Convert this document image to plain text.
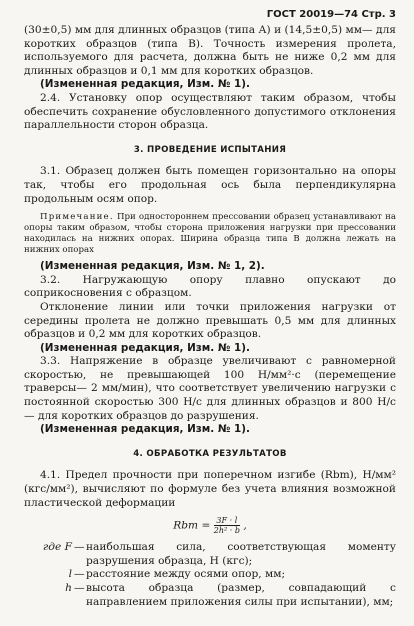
ГОСТ 20019—74 Стр. 3

(30±0,5) мм для длинных образцов (типа А) и (14,5±0,5) мм— для коротких образцов (типа В). Точность измерения пролета, используемого для расчета, должна быть не ниже 0,2 мм для длинных образцов и 0,1 мм для коротких образцов.

(Измененная редакция, Изм. № 1).

2.4. Установку опор осуществляют таким образом, чтобы обеспечить сохранение обусловленного допустимого отклонения параллельности сторон образца.

3. ПРОВЕДЕНИЕ ИСПЫТАНИЯ

3.1. Образец должен быть помещен горизонтально на опоры так, чтобы его продольная ось была перпендикулярна продольным осям опор.

Примечание. При одностороннем прессовании образец устанавливают на опоры таким образом, чтобы сторона приложения нагрузки при прессовании находилась на нижних опорах. Ширина образца типа В должна лежать на нижних опорах

(Измененная редакция, Изм. № 1, 2).

3.2. Нагружающую опору плавно опускают до соприкосновения с образцом.

Отклонение линии или точки приложения нагрузки от середины пролета не должно превышать 0,5 мм для длинных образцов и 0,2 мм для коротких образцов.

(Измененная редакция, Изм. № 1).

3.3. Напряжение в образце увеличивают с равномерной скоростью, не превышающей 100 Н/мм²·с (перемещение траверсы— 2 мм/мин), что соответствует увеличению нагрузки с постоянной скоростью 300 Н/с для длинных образцов и 800 Н/с — для коротких образцов до разрушения.

(Измененная редакция, Изм. № 1).

4. ОБРАБОТКА РЕЗУЛЬТАТОВ

4.1. Предел прочности при поперечном изгибе (Rbm), Н/мм² (кгс/мм²), вычисляют по формуле без учета влияния возможной пластической деформации

Rbm = $\frac{3F \cdot l}{\text{2h² · b}}$ ,
где F — наибольшая сила, соответствующая моменту разрушения образца, Н (кгс);
l — расстояние между осями опор, мм;
h — высота образца (размер, совпадающий с направлением приложения силы при испытании), мм;
